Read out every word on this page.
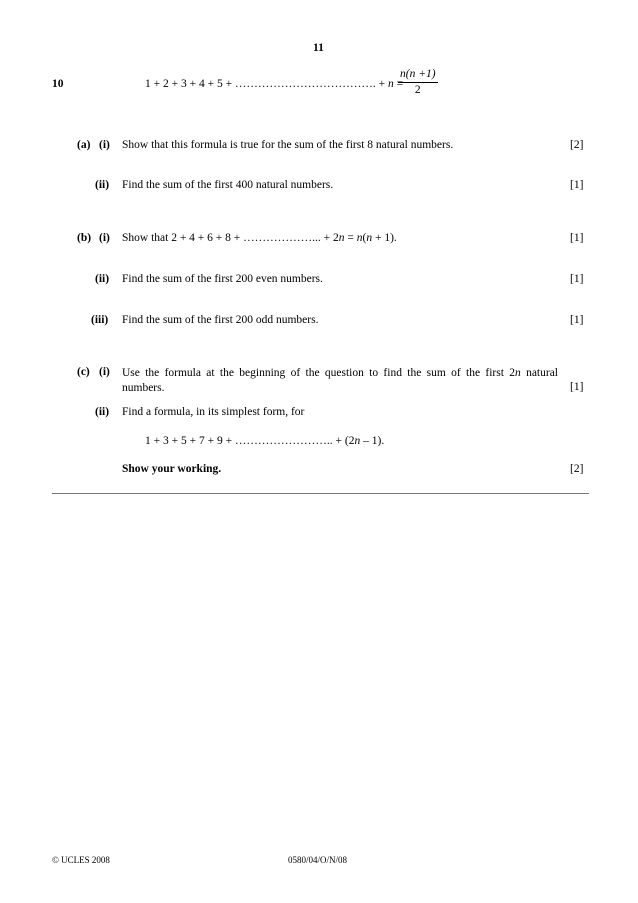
11
10	1 + 2 + 3 + 4 + 5 + ………………………………. + n =
$\frac{n(n +1)}{2}$
(a) (i) Show that this formula is true for the sum of the first 8 natural numbers.	[2]
(ii) Find the sum of the first 400 natural numbers.	[1]
(b) (i) Show that 2 + 4 + 6 + 8 + ………………... + 2n = n(n + 1).	[1]
(ii) Find the sum of the first 200 even numbers.	[1]
(iii) Find the sum of the first 200 odd numbers.	[1]
(c) (i) Use the formula at the beginning of the question to find the sum of the first 2n natural numbers.	[1]
(ii) Find a formula, in its simplest form, for
1 + 3 + 5 + 7 + 9 + …………………….. + (2n – 1).
Show your working.	[2]
© UCLES 2008	0580/04/O/N/08
